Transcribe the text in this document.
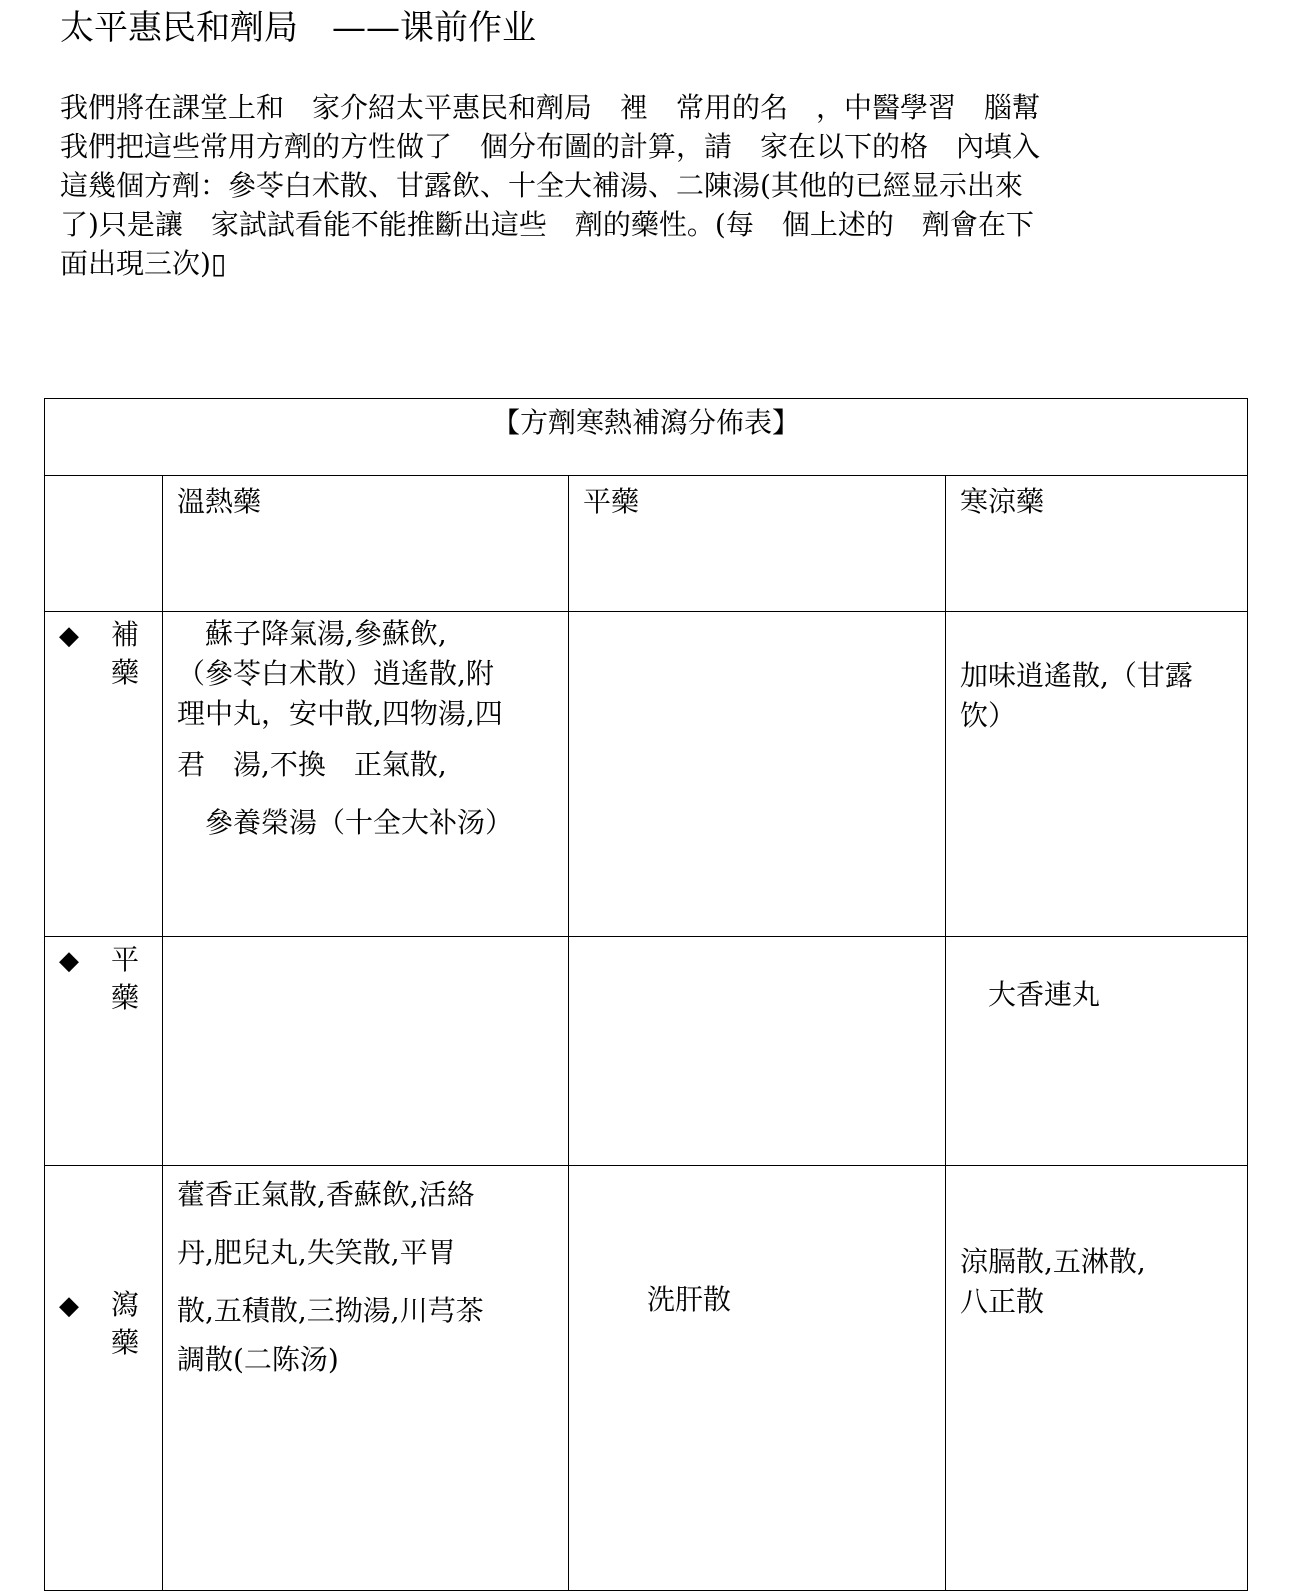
太平惠民和劑局　——课前作业

我們將在課堂上和　家介紹太平惠民和劑局　裡　常用的名　，中醫學習　腦幫
我們把這些常用方劑的方性做了　個分布圖的計算，請　家在以下的格　內填入
這幾個方劑：參苓白术散、甘露飲、十全大補湯、二陳湯(其他的已經显示出來
了)只是讓　家試試看能不能推斷出這些　劑的藥性。(每　個上述的　劑會在下
面出現三次)▯

【方劑寒熱補瀉分佈表】			

	溫熱藥	平藥	寒涼藥

◆ 補藥	　蘇子降氣湯,參蘇飲,
（參苓白术散）逍遙散,附
理中丸，安中散,四物湯,四
君　湯,不換　正氣散,
　參養榮湯（十全大补汤）		加味逍遙散,（甘露
饮）

◆ 平藥			　大香連丸

◆ 瀉藥	藿香正氣散,香蘇飲,活絡
丹,肥兒丸,失笑散,平胃
散,五積散,三拗湯,川芎茶
調散(二陈汤)	洗肝散	涼膈散,五淋散,
八正散
